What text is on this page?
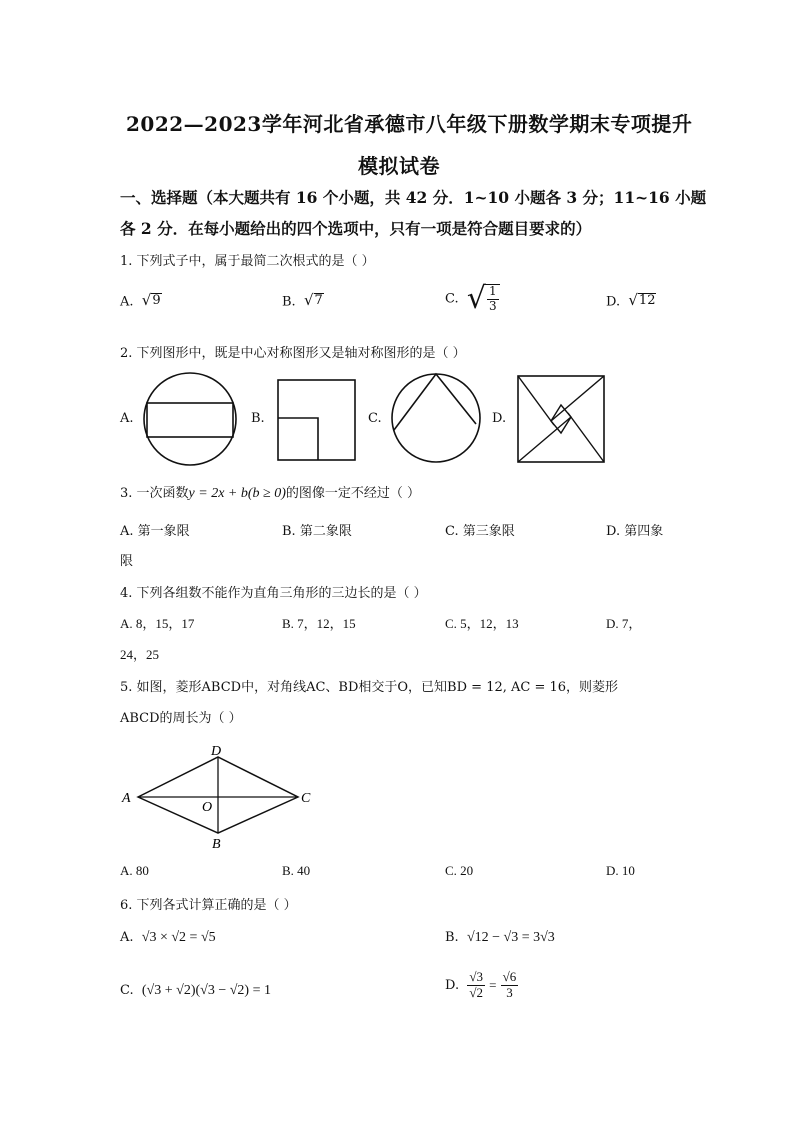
2022—2023学年河北省承德市八年级下册数学期末专项提升
模拟试卷
一、选择题（本大题共有 16 个小题，共 42 分．1~10 小题各 3 分；11~16 小题
各 2 分．在每小题给出的四个选项中，只有一项是符合题目要求的）
1. 下列式子中，属于最简二次根式的是（ ）
A. √ 9	B. √ 7	C. √ $\frac{1}{3}$	D. √ 12
2. 下列图形中，既是中心对称图形又是轴对称图形的是（ ）
A.	B.	C.	D.
3. 一次函数y = 2x + b(b ≥ 0)的图像一定不经过（ ）
A. 第一象限	B. 第二象限	C. 第三象限	D. 第四象
限
4. 下列各组数不能作为直角三角形的三边长的是（ ）
A. 8，15，17	B. 7，12，15	C. 5，12，13	D. 7，
24，25
5. 如图，菱形ABCD中，对角线AC、BD相交于O，已知BD = 12, AC = 16，则菱形
ABCD的周长为（ ）
A
D
C
B
O
A. 80	B. 40	C. 20	D. 10
6. 下列各式计算正确的是（ ）
A. √3 × √2 = √5	B. √12 − √3 = 3√3
C. (√3 + √2)(√3 − √2) = 1	D. $\frac{√3}{√2} = \frac{√6}{3}$
